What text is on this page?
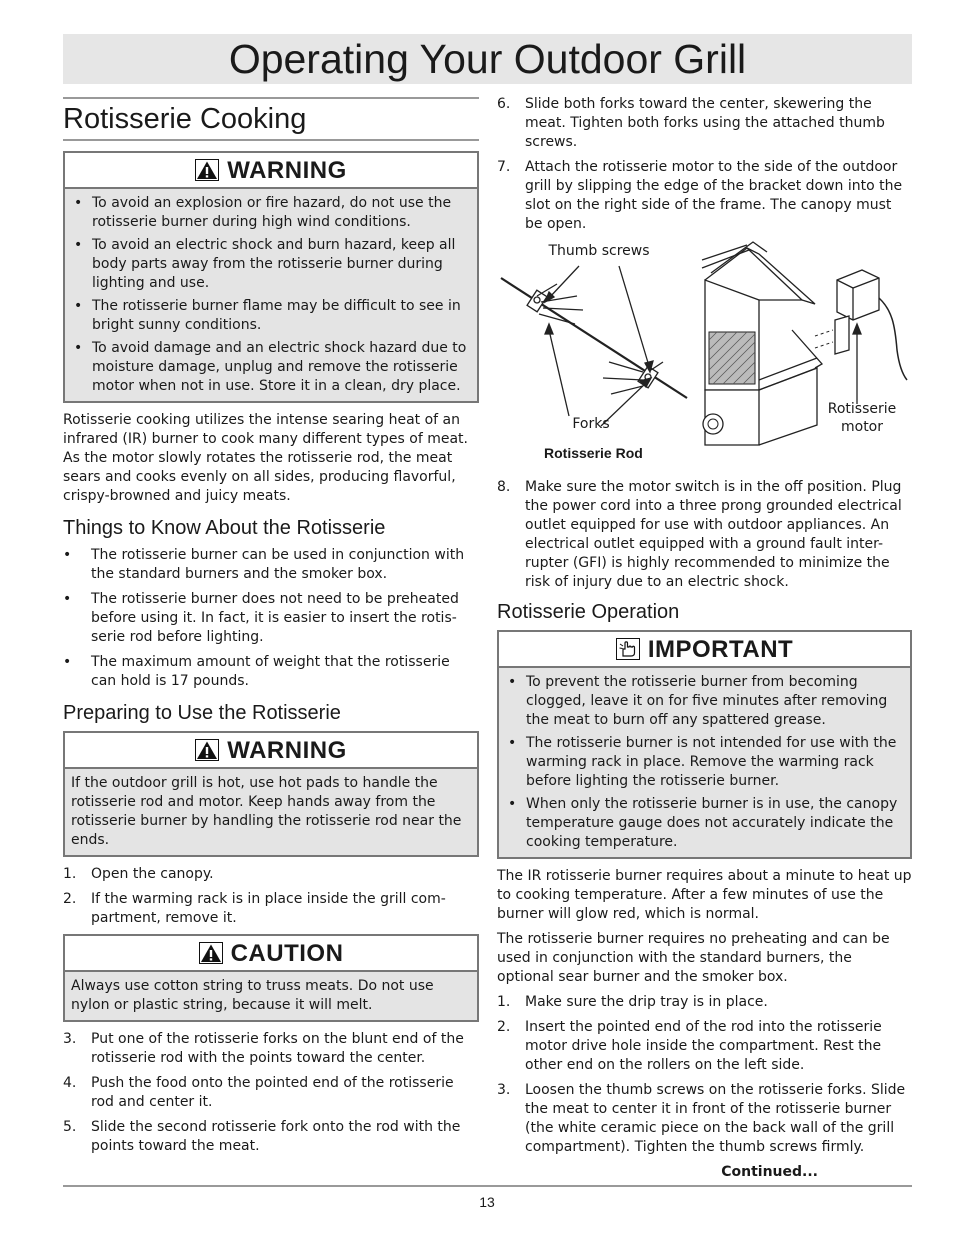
Operating Your Outdoor Grill
Rotisserie Cooking
WARNING
• To avoid an explosion or fire hazard, do not use the rotisserie burner during high wind conditions.
• To avoid an electric shock and burn hazard, keep all body parts away from the rotisserie burner during lighting and use.
• The rotisserie burner flame may be difficult to see in bright sunny conditions.
• To avoid damage and an electric shock hazard due to moisture damage, unplug and remove the rotisserie motor when not in use. Store it in a clean, dry place.

Rotisserie cooking utilizes the intense searing heat of an infrared (IR) burner to cook many different types of meat. As the motor slowly rotates the rotisserie rod, the meat sears and cooks evenly on all sides, producing flavorful, crispy-browned and juicy meats.

Things to Know About the Rotisserie
• The rotisserie burner can be used in conjunction with the standard burners and the smoker box.
• The rotisserie burner does not need to be preheated before using it. In fact, it is easier to insert the rotis-serie rod before lighting.
• The maximum amount of weight that the rotisserie can hold is 17 pounds.
Preparing to Use the Rotisserie
WARNING
If the outdoor grill is hot, use hot pads to handle the rotisserie rod and motor. Keep hands away from the rotisserie burner by handling the rotisserie rod near the ends.
1.	Open the canopy.
2.	If the warming rack is in place inside the grill com-partment, remove it.
CAUTION
Always use cotton string to truss meats. Do not use nylon or plastic string, because it will melt.
3.	Put one of the rotisserie forks on the blunt end of the rotisserie rod with the points toward the center.
4.	Push the food onto the pointed end of the rotisserie rod and center it.
5.	Slide the second rotisserie fork onto the rod with the points toward the meat.
6.	Slide both forks toward the center, skewering the meat. Tighten both forks using the attached thumb screws.
7.	Attach the rotisserie motor to the side of the outdoor grill by slipping the edge of the bracket down into the slot on the right side of the frame. The canopy must be open.
Thumb screws
Forks
Rotisserie motor
Rotisserie Rod
8.	Make sure the motor switch is in the off position. Plug the power cord into a three prong grounded electrical outlet equipped for use with outdoor appliances. An electrical outlet equipped with a ground fault inter-rupter (GFI) is highly recommended to minimize the risk of injury due to an electric shock.
Rotisserie Operation
IMPORTANT
• To prevent the rotisserie burner from becoming clogged, leave it on for five minutes after removing the meat to burn off any spattered grease.
• The rotisserie burner is not intended for use with the warming rack in place. Remove the warming rack before lighting the rotisserie burner.
• When only the rotisserie burner is in use, the canopy temperature gauge does not accurately indicate the cooking temperature.

The IR rotisserie burner requires about a minute to heat up to cooking temperature. After a few minutes of use the burner will glow red, which is normal.

The rotisserie burner requires no preheating and can be used in conjunction with the standard burners, the optional sear burner and the smoker box.

1.	Make sure the drip tray is in place.
2.	Insert the pointed end of the rod into the rotisserie motor drive hole inside the compartment. Rest the other end on the rollers on the left side.
3.	Loosen the thumb screws on the rotisserie forks. Slide the meat to center it in front of the rotisserie burner (the white ceramic piece on the back wall of the grill compartment). Tighten the thumb screws firmly.
Continued...
13
